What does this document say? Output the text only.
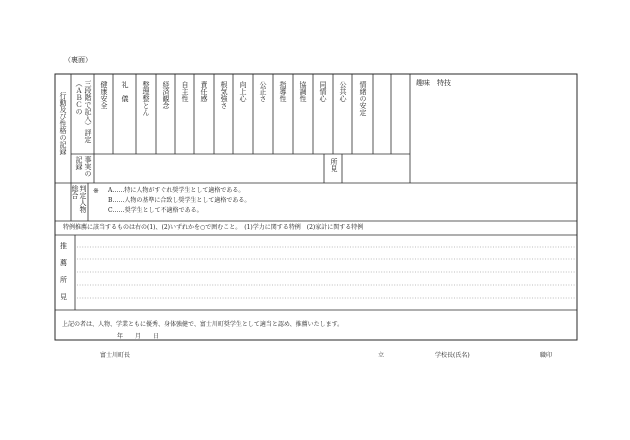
（裏面）
行動及び性格の記録	三段階で記入）評定（ＡＢＣの	健康安全 礼　儀 整理整とん 経済観念 自主性 責任感 根気強さ 向上心 公正さ 指導性 協調性 同情心 公共心 情緒の安定	趣味　特技
事実の記録	所見
判定人物総合	※ A……特に人物がすぐれ奨学生として適格である。
B……人物の基準に合致し奨学生として適格である。
C……奨学生として不適格である。
特例推薦に該当するものは右の(1)、(2)いずれかを○で囲むこと。　(1)学力に関する特例　(2)家計に関する特例
推薦所見
上記の者は、人物、学業ともに優秀、身体強健で、富士川町奨学生として適当と認め、推薦いたします。
年　　月　　日
富士川町長	立	学校長(氏名)	職印
